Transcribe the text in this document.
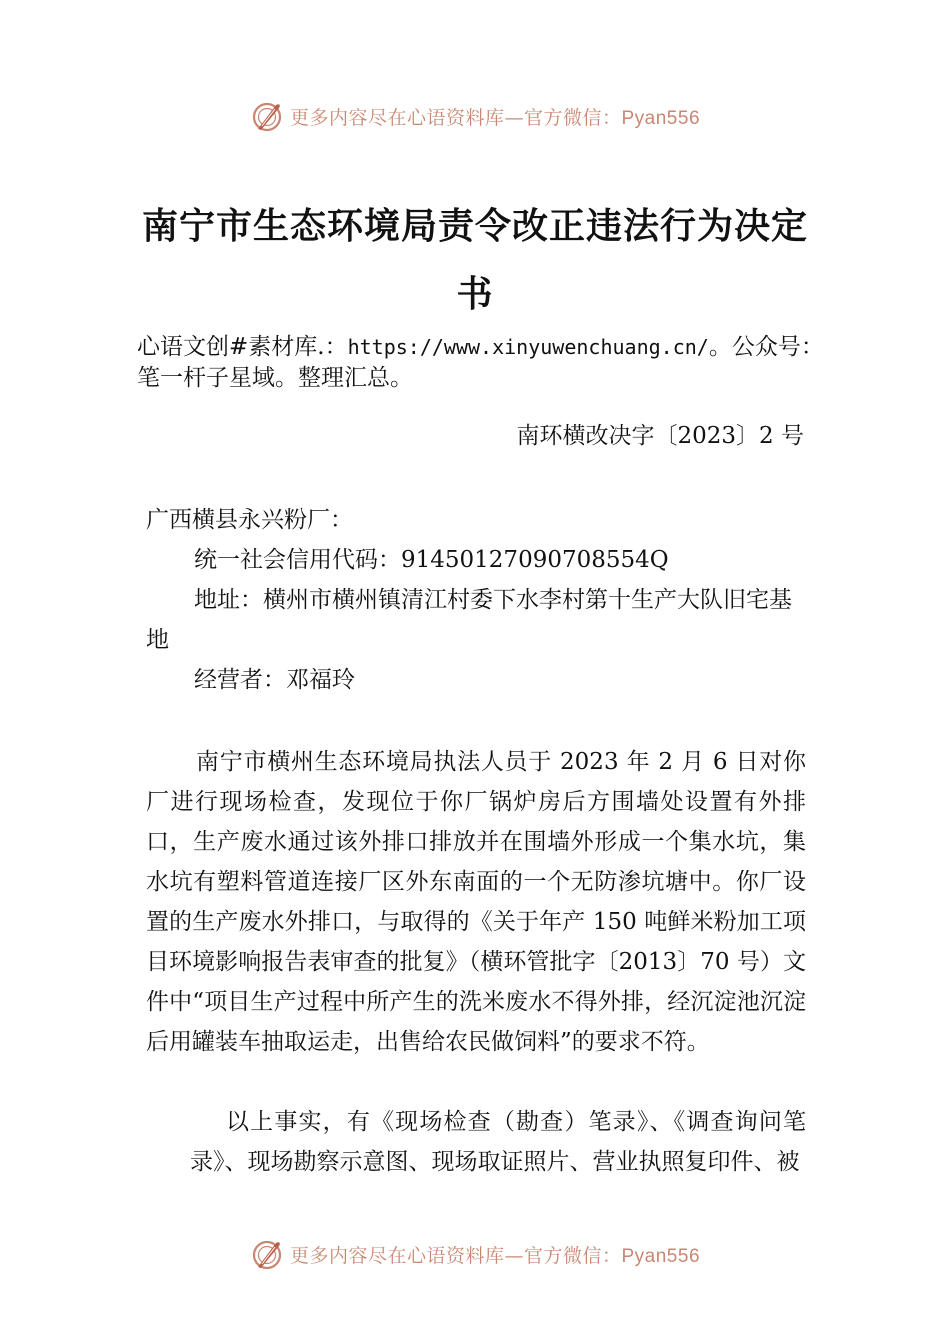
更多内容尽在心语资料库—官方微信：Pyan556
南宁市生态环境局责令改正违法行为决定
书
心语文创#素材库.：https://www.xinyuwenchuang.cn/。公众号：笔一杆子星域。整理汇总。
南环横改决字〔2023〕2 号

广西横县永兴粉厂：

统一社会信用代码：91450127090708554Q

地址：横州市横州镇清江村委下水李村第十生产大队旧宅基地

经营者：邓福玲

南宁市横州生态环境局执法人员于 2023 年 2 月 6 日对你厂进行现场检查，发现位于你厂锅炉房后方围墙处设置有外排口，生产废水通过该外排口排放并在围墙外形成一个集水坑，集水坑有塑料管道连接厂区外东南面的一个无防渗坑塘中。你厂设置的生产废水外排口，与取得的《关于年产 150 吨鲜米粉加工项目环境影响报告表审查的批复》（横环管批字〔2013〕70 号）文件中“项目生产过程中所产生的洗米废水不得外排，经沉淀池沉淀后用罐装车抽取运走，出售给农民做饲料”的要求不符。

以上事实，有《现场检查（勘查）笔录》、《调查询问笔录》、现场勘察示意图、现场取证照片、营业执照复印件、被

更多内容尽在心语资料库—官方微信：Pyan556
